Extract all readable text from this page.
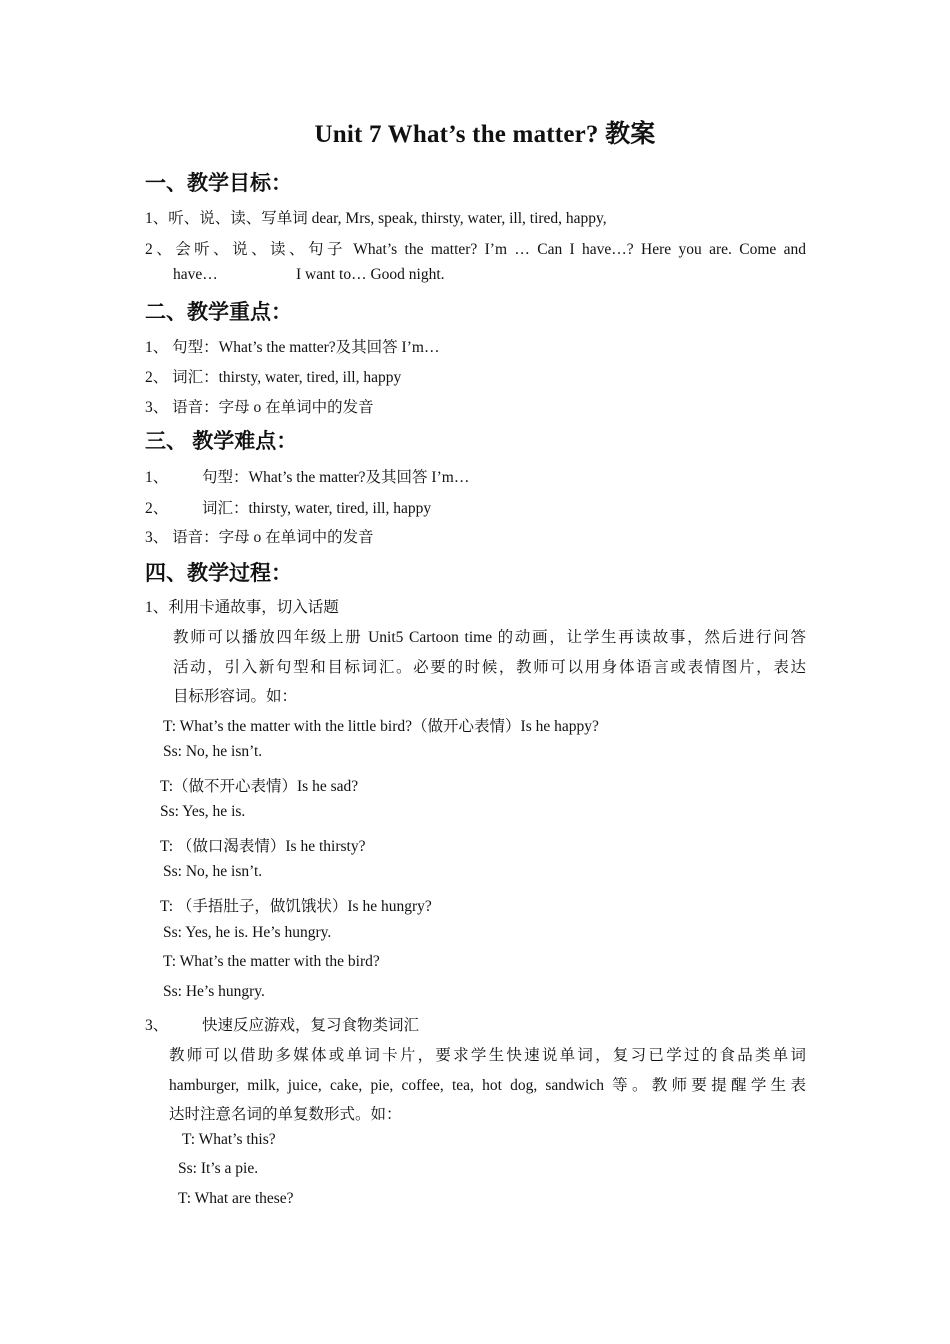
Unit 7 What’s the matter? 教案
一、教学目标：
1、听、说、读、写单词 dear, Mrs, speak, thirsty, water, ill, tired, happy,
2、会听、说、读、句子 What’s the matter? I’m … Can I have…? Here you are. Come and
have…	I want to… Good night.
二、教学重点：
1、 句型：What’s the matter?及其回答 I’m…
2、 词汇：thirsty, water, tired, ill, happy
3、 语音：字母 o 在单词中的发音
三、 教学难点：
1、 句型：What’s the matter?及其回答 I’m…
2、 词汇：thirsty, water, tired, ill, happy
3、 语音：字母 o 在单词中的发音
四、教学过程：
1、利用卡通故事，切入话题
教师可以播放四年级上册 Unit5 Cartoon time 的动画，让学生再读故事，然后进行问答
活动，引入新句型和目标词汇。必要的时候，教师可以用身体语言或表情图片，表达
目标形容词。如：
T: What’s the matter with the little bird?（做开心表情）Is he happy?
Ss: No, he isn’t.
T:（做不开心表情）Is he sad?
Ss: Yes, he is.
T: （做口渴表情）Is he thirsty?
Ss: No, he isn’t.
T: （手捂肚子，做饥饿状）Is he hungry?
Ss: Yes, he is. He’s hungry.
T: What’s the matter with the bird?
Ss: He’s hungry.
3、 快速反应游戏，复习食物类词汇
教师可以借助多媒体或单词卡片，要求学生快速说单词，复习已学过的食品类单词
hamburger, milk, juice, cake, pie, coffee, tea, hot dog, sandwich 等。教师要提醒学生表
达时注意名词的单复数形式。如：
T: What’s this?
Ss: It’s a pie.
T: What are these?
